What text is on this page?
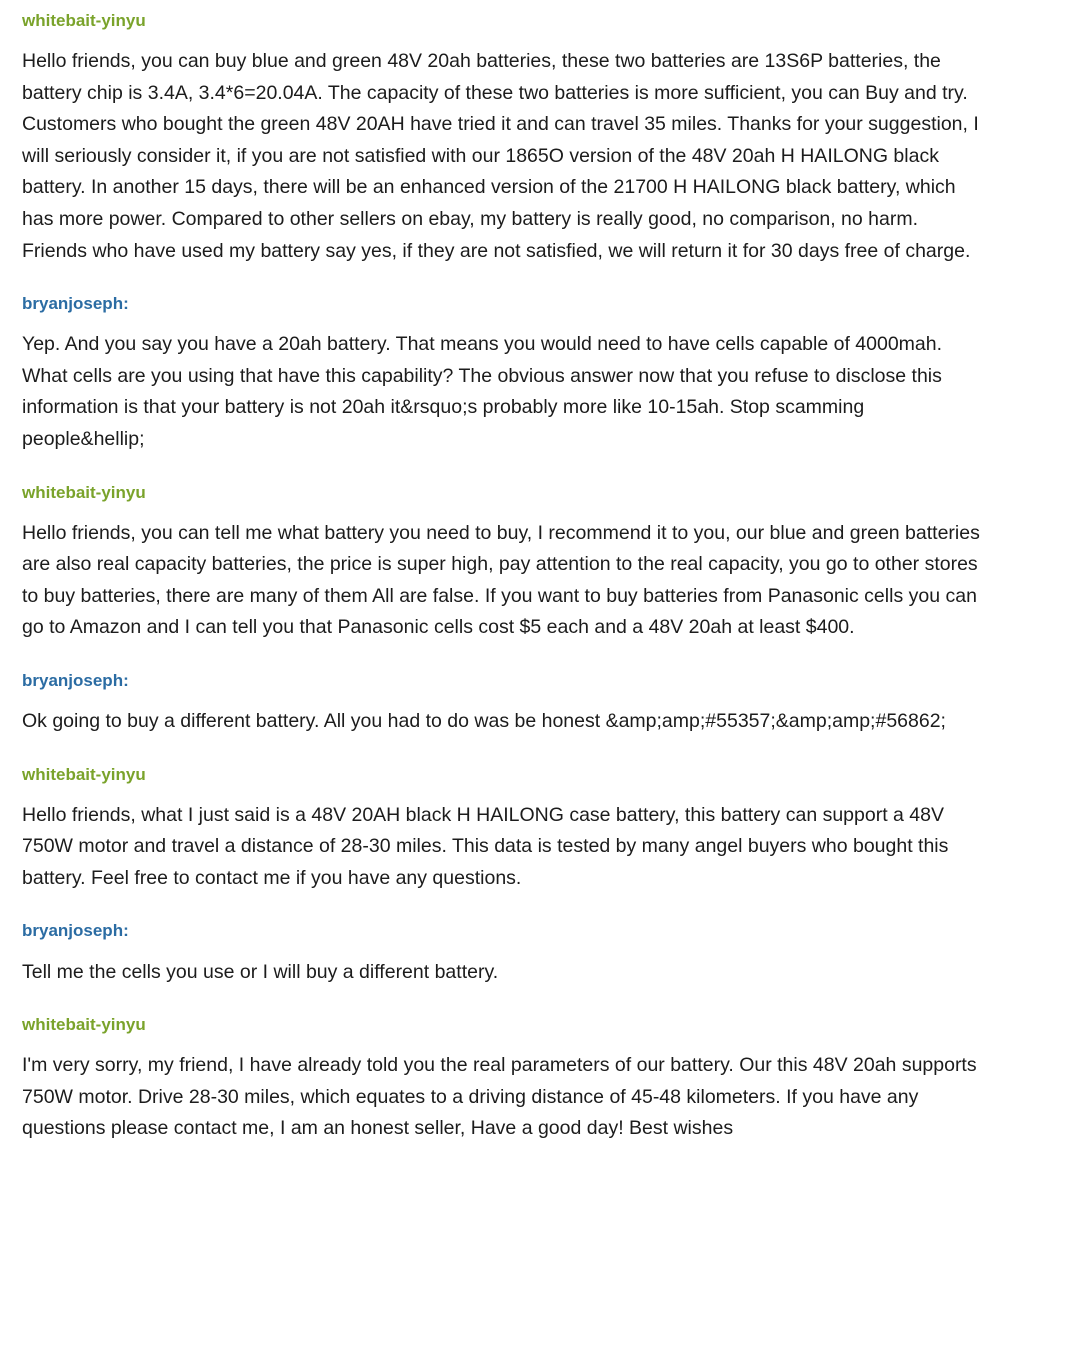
whitebait-yinyu
Hello friends, you can buy blue and green 48V 20ah batteries, these two batteries are 13S6P batteries, the battery chip is 3.4A, 3.4*6=20.04A. The capacity of these two batteries is more sufficient, you can Buy and try. Customers who bought the green 48V 20AH have tried it and can travel 35 miles. Thanks for your suggestion, I will seriously consider it, if you are not satisfied with our 1865O version of the 48V 20ah H HAILONG black battery. In another 15 days, there will be an enhanced version of the 21700 H HAILONG black battery, which has more power. Compared to other sellers on ebay, my battery is really good, no comparison, no harm. Friends who have used my battery say yes, if they are not satisfied, we will return it for 30 days free of charge.
bryanjoseph:
Yep. And you say you have a 20ah battery. That means you would need to have cells capable of 4000mah. What cells are you using that have this capability? The obvious answer now that you refuse to disclose this information is that your battery is not 20ah it&rsquo;s probably more like 10-15ah. Stop scamming people&hellip;
whitebait-yinyu
Hello friends, you can tell me what battery you need to buy, I recommend it to you, our blue and green batteries are also real capacity batteries, the price is super high, pay attention to the real capacity, you go to other stores to buy batteries, there are many of them All are false. If you want to buy batteries from Panasonic cells you can go to Amazon and I can tell you that Panasonic cells cost $5 each and a 48V 20ah at least $400.
bryanjoseph:
Ok going to buy a different battery. All you had to do was be honest &amp;amp;#55357;&amp;amp;#56862;
whitebait-yinyu
Hello friends, what I just said is a 48V 20AH black H HAILONG case battery, this battery can support a 48V 750W motor and travel a distance of 28-30 miles. This data is tested by many angel buyers who bought this battery. Feel free to contact me if you have any questions.
bryanjoseph:
Tell me the cells you use or I will buy a different battery.
whitebait-yinyu
I'm very sorry, my friend, I have already told you the real parameters of our battery. Our this 48V 20ah supports 750W motor. Drive 28-30 miles, which equates to a driving distance of 45-48 kilometers. If you have any questions please contact me, I am an honest seller, Have a good day! Best wishes
